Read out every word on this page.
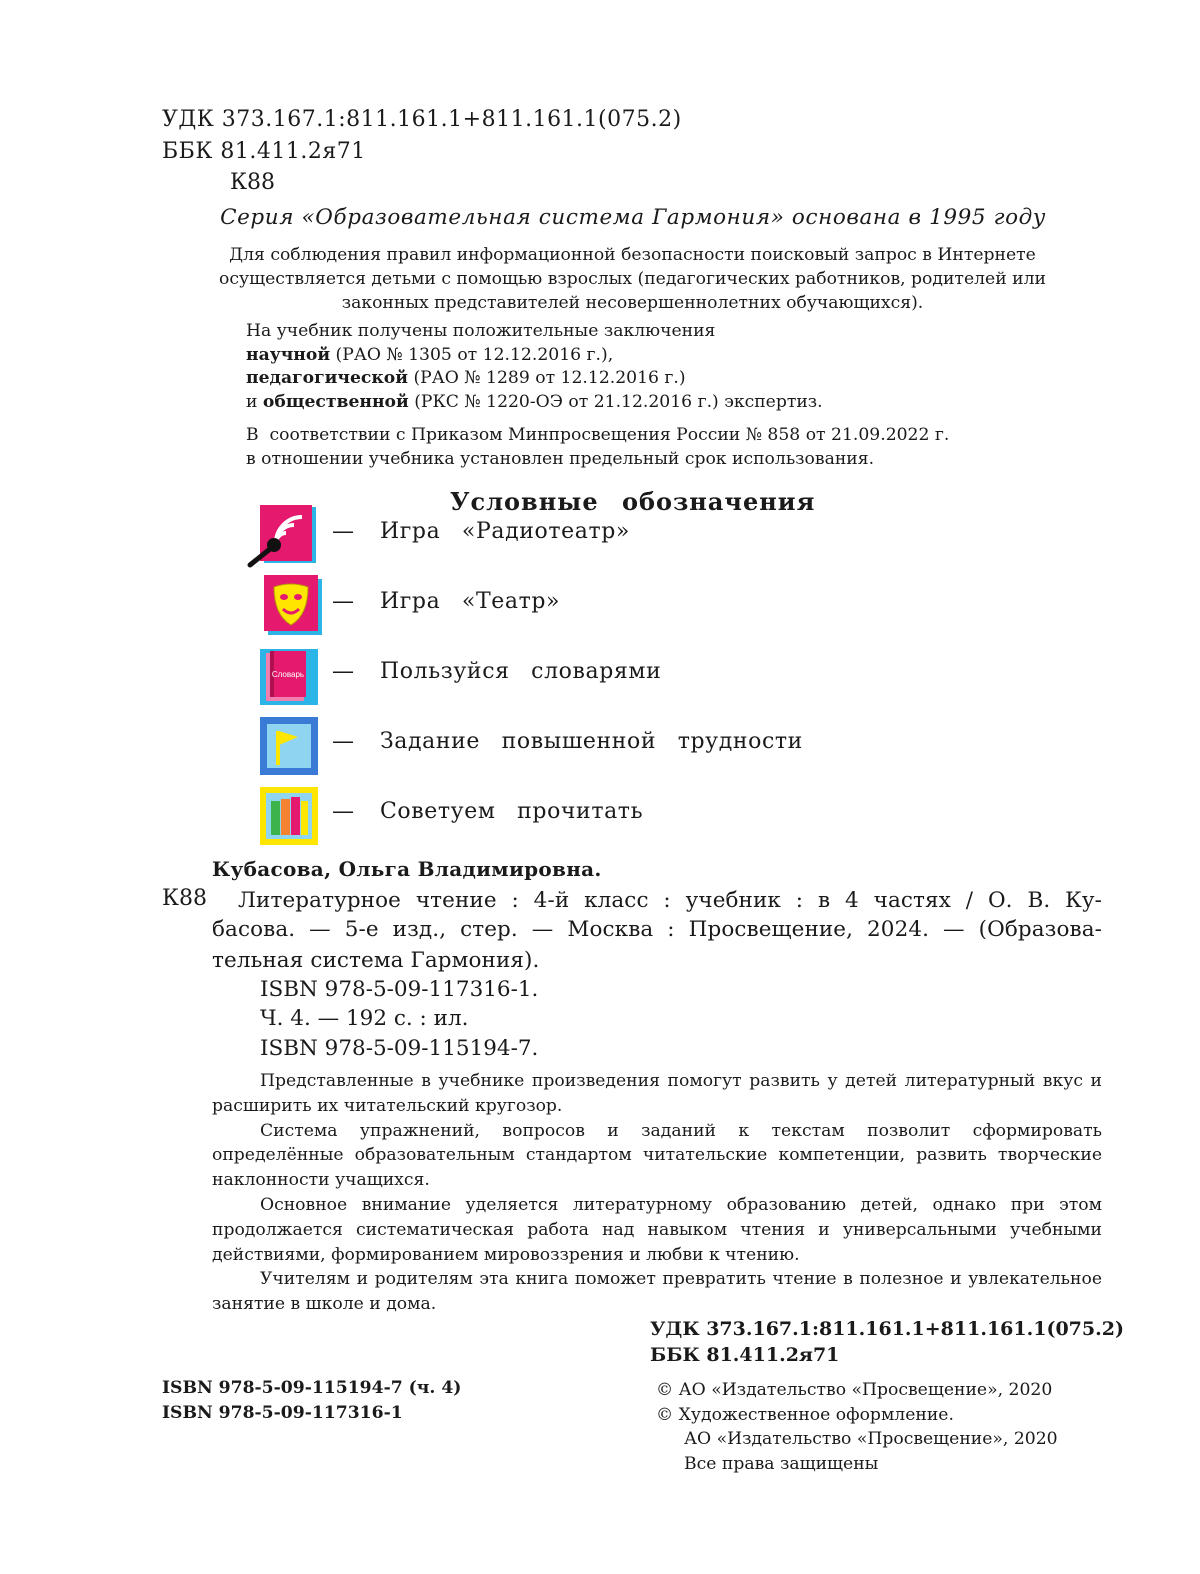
УДК 373.167.1:811.161.1+811.161.1(075.2)
ББК 81.411.2я71
К88
Серия «Образовательная система Гармония» основана в 1995 году
Для соблюдения правил информационной безопасности поисковый запрос в Интернете осуществляется детьми с помощью взрослых (педагогических работников, родителей или законных представителей несовершеннолетних обучающихся).
На учебник получены положительные заключения
научной (РАО № 1305 от 12.12.2016 г.),
педагогической (РАО № 1289 от 12.12.2016 г.)
и общественной (РКС № 1220-ОЭ от 21.12.2016 г.) экспертиз.
В  соответствии с Приказом Минпросвещения России № 858 от 21.09.2022 г.
в отношении учебника установлен предельный срок использования.
Условные обозначения
— Игра «Радиотеатр»
— Игра «Театр»
Словарь — Пользуйся словарями
— Задание повышенной трудности
— Советуем прочитать
Кубасова, Ольга Владимировна.
К88 Литературное чтение : 4-й класс : учебник : в 4 частях / О. В. Ку-
басова. — 5-е изд., стер. — Москва : Просвещение, 2024. — (Образова-
тельная система Гармония).
ISBN 978-5-09-117316-1.
Ч. 4. — 192 с. : ил.
ISBN 978-5-09-115194-7.

Представленные в учебнике произведения помогут развить у детей литературный вкус и расширить их читательский кругозор.

Система упражнений, вопросов и заданий к текстам позволит сформировать определённые образовательным стандартом читательские компетенции, развить творческие наклонности учащихся.

Основное внимание уделяется литературному образованию детей, однако при этом продолжается систематическая работа над навыком чтения и универсальными учебными действиями, формированием мировоззрения и любви к чтению.

Учителям и родителям эта книга поможет превратить чтение в полезное и увлекательное занятие в школе и дома.

УДК 373.167.1:811.161.1+811.161.1(075.2)
ББК 81.411.2я71
ISBN 978-5-09-115194-7 (ч. 4)
ISBN 978-5-09-117316-1
© АО «Издательство «Просвещение», 2020
© Художественное оформление.
АО «Издательство «Просвещение», 2020
Все права защищены
